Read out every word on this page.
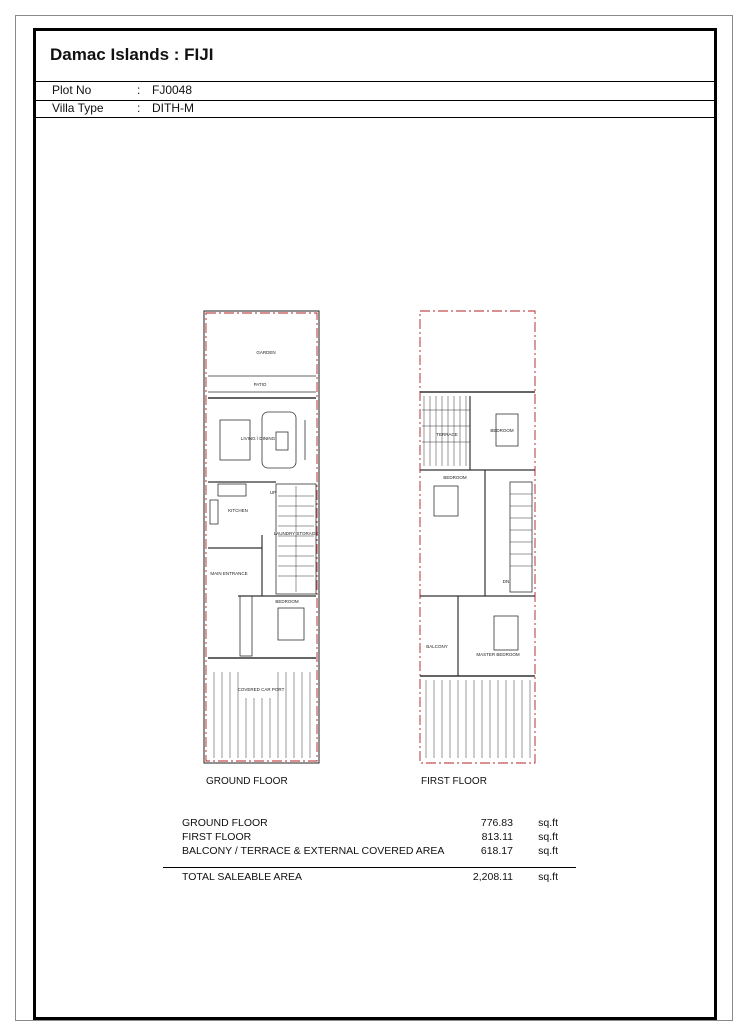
Damac Islands : FIJI
Plot No	: FJ0048
Villa Type	: DITH-M
GARDEN
PATIO
LIVING / DINING
KITCHEN
LAUNDRY STORAGE
MAIN ENTRANCE
BEDROOM
COVERED CAR PORT
UP
TERRACE
BEDROOM
BEDROOM
MASTER BEDROOM
BALCONY
DN
GROUND FLOOR	FIRST FLOOR
GROUND FLOOR	776.83 sq.ft
FIRST FLOOR	813.11 sq.ft
BALCONY / TERRACE & EXTERNAL COVERED AREA	618.17 sq.ft
TOTAL SALEABLE AREA	2,208.11 sq.ft
